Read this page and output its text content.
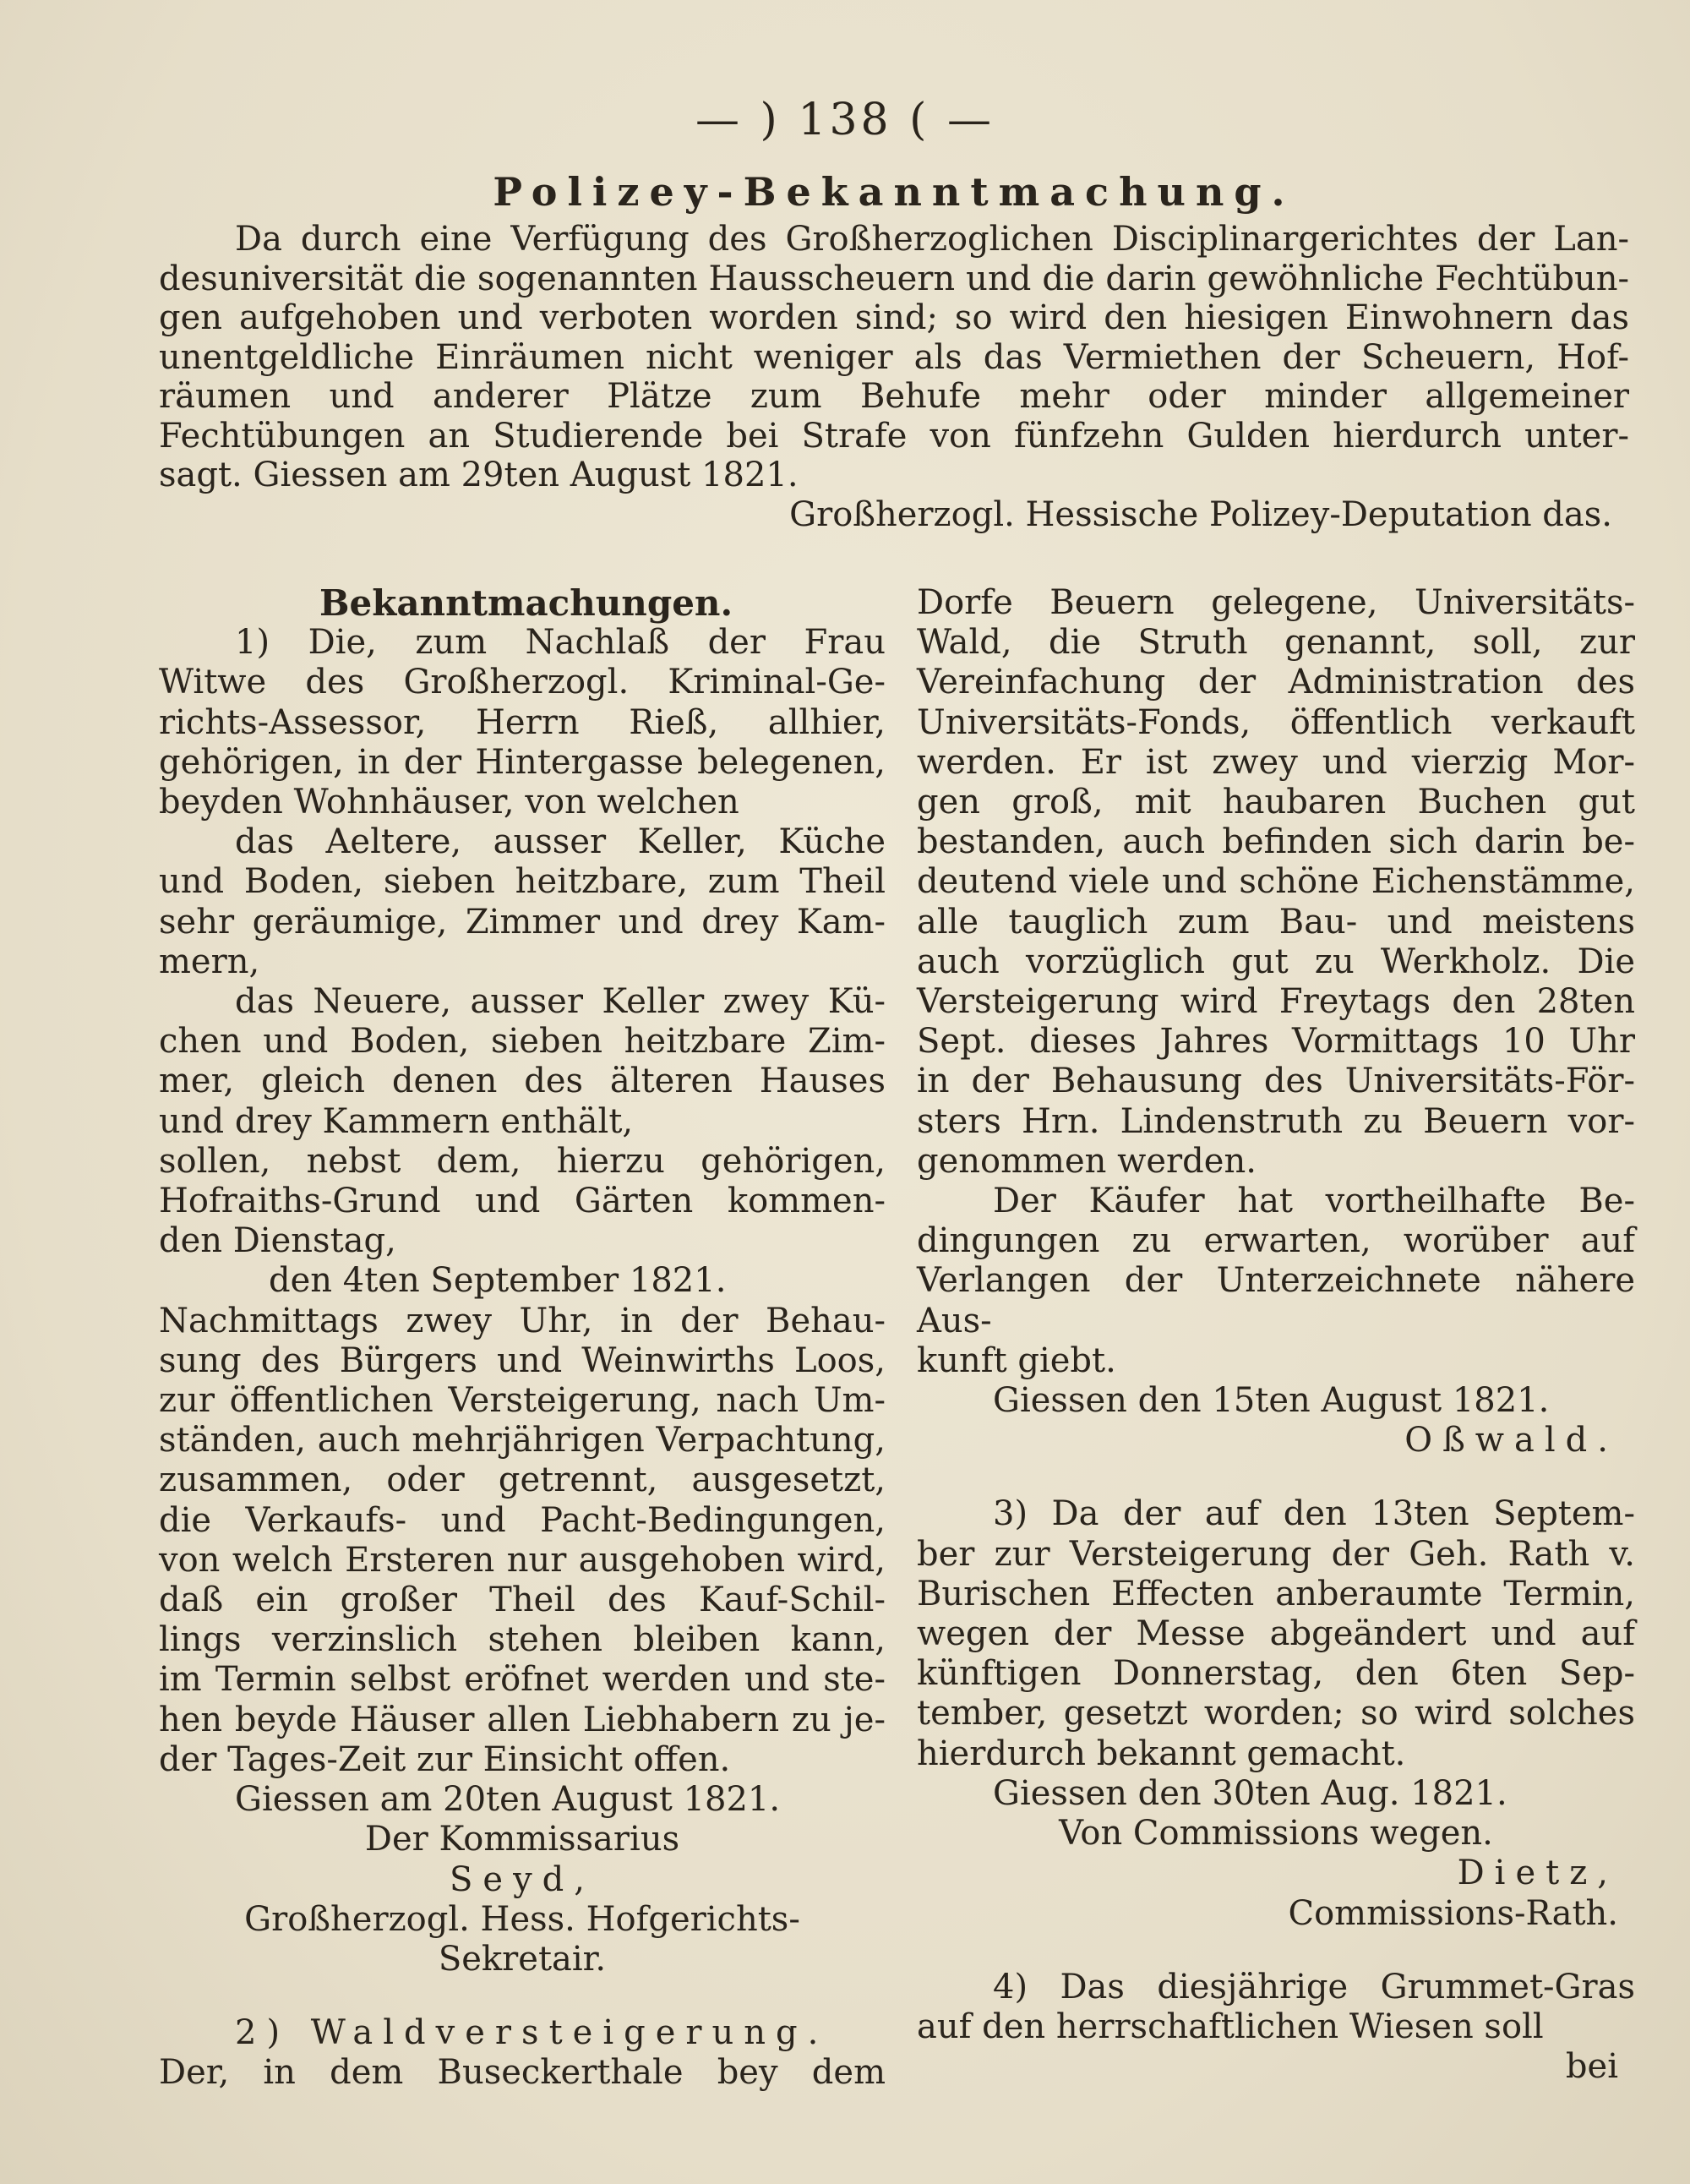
— ) 138 ( —
Polizey-Bekanntmachung.
Da durch eine Verfügung des Großherzoglichen Disciplinargerichtes der Lan-
desuniversität die sogenannten Hausscheuern und die darin gewöhnliche Fechtübun-
gen aufgehoben und verboten worden sind; so wird den hiesigen Einwohnern das
unentgeldliche Einräumen nicht weniger als das Vermiethen der Scheuern, Hof-
räumen und anderer Plätze zum Behufe mehr oder minder allgemeiner
Fechtübungen an Studierende bei Strafe von fünfzehn Gulden hierdurch unter-
sagt. Giessen am 29ten August 1821.
Großherzogl. Hessische Polizey-Deputation das.
Bekanntmachungen.
1) Die, zum Nachlaß der Frau
Witwe des Großherzogl. Kriminal-Ge-
richts-Assessor, Herrn Rieß, allhier,
gehörigen, in der Hintergasse belegenen,
beyden Wohnhäuser, von welchen
das Aeltere, ausser Keller, Küche
und Boden, sieben heitzbare, zum Theil
sehr geräumige, Zimmer und drey Kam-
mern,
das Neuere, ausser Keller zwey Kü-
chen und Boden, sieben heitzbare Zim-
mer, gleich denen des älteren Hauses
und drey Kammern enthält,
sollen, nebst dem, hierzu gehörigen,
Hofraiths-Grund und Gärten kommen-
den Dienstag,
den 4ten September 1821.
Nachmittags zwey Uhr, in der Behau-
sung des Bürgers und Weinwirths Loos,
zur öffentlichen Versteigerung, nach Um-
ständen, auch mehrjährigen Verpachtung,
zusammen, oder getrennt, ausgesetzt,
die Verkaufs- und Pacht-Bedingungen,
von welch Ersteren nur ausgehoben wird,
daß ein großer Theil des Kauf-Schil-
lings verzinslich stehen bleiben kann,
im Termin selbst eröfnet werden und ste-
hen beyde Häuser allen Liebhabern zu je-
der Tages-Zeit zur Einsicht offen.
Giessen am 20ten August 1821.
Der Kommissarius
Seyd,
Großherzogl. Hess. Hofgerichts-
Sekretair.
2) Waldversteigerung.
Der, in dem Buseckerthale bey dem
Dorfe Beuern gelegene, Universitäts-
Wald, die Struth genannt, soll, zur
Vereinfachung der Administration des
Universitäts-Fonds, öffentlich verkauft
werden. Er ist zwey und vierzig Mor-
gen groß, mit haubaren Buchen gut
bestanden, auch befinden sich darin be-
deutend viele und schöne Eichenstämme,
alle tauglich zum Bau- und meistens
auch vorzüglich gut zu Werkholz. Die
Versteigerung wird Freytags den 28ten
Sept. dieses Jahres Vormittags 10 Uhr
in der Behausung des Universitäts-För-
sters Hrn. Lindenstruth zu Beuern vor-
genommen werden.
Der Käufer hat vortheilhafte Be-
dingungen zu erwarten, worüber auf
Verlangen der Unterzeichnete nähere Aus-
kunft giebt.
Giessen den 15ten August 1821.
Oßwald.
3) Da der auf den 13ten Septem-
ber zur Versteigerung der Geh. Rath v.
Burischen Effecten anberaumte Termin,
wegen der Messe abgeändert und auf
künftigen Donnerstag, den 6ten Sep-
tember, gesetzt worden; so wird solches
hierdurch bekannt gemacht.
Giessen den 30ten Aug. 1821.
Von Commissions wegen.
Dietz,
Commissions-Rath.
4) Das diesjährige Grummet-Gras
auf den herrschaftlichen Wiesen soll
bei
